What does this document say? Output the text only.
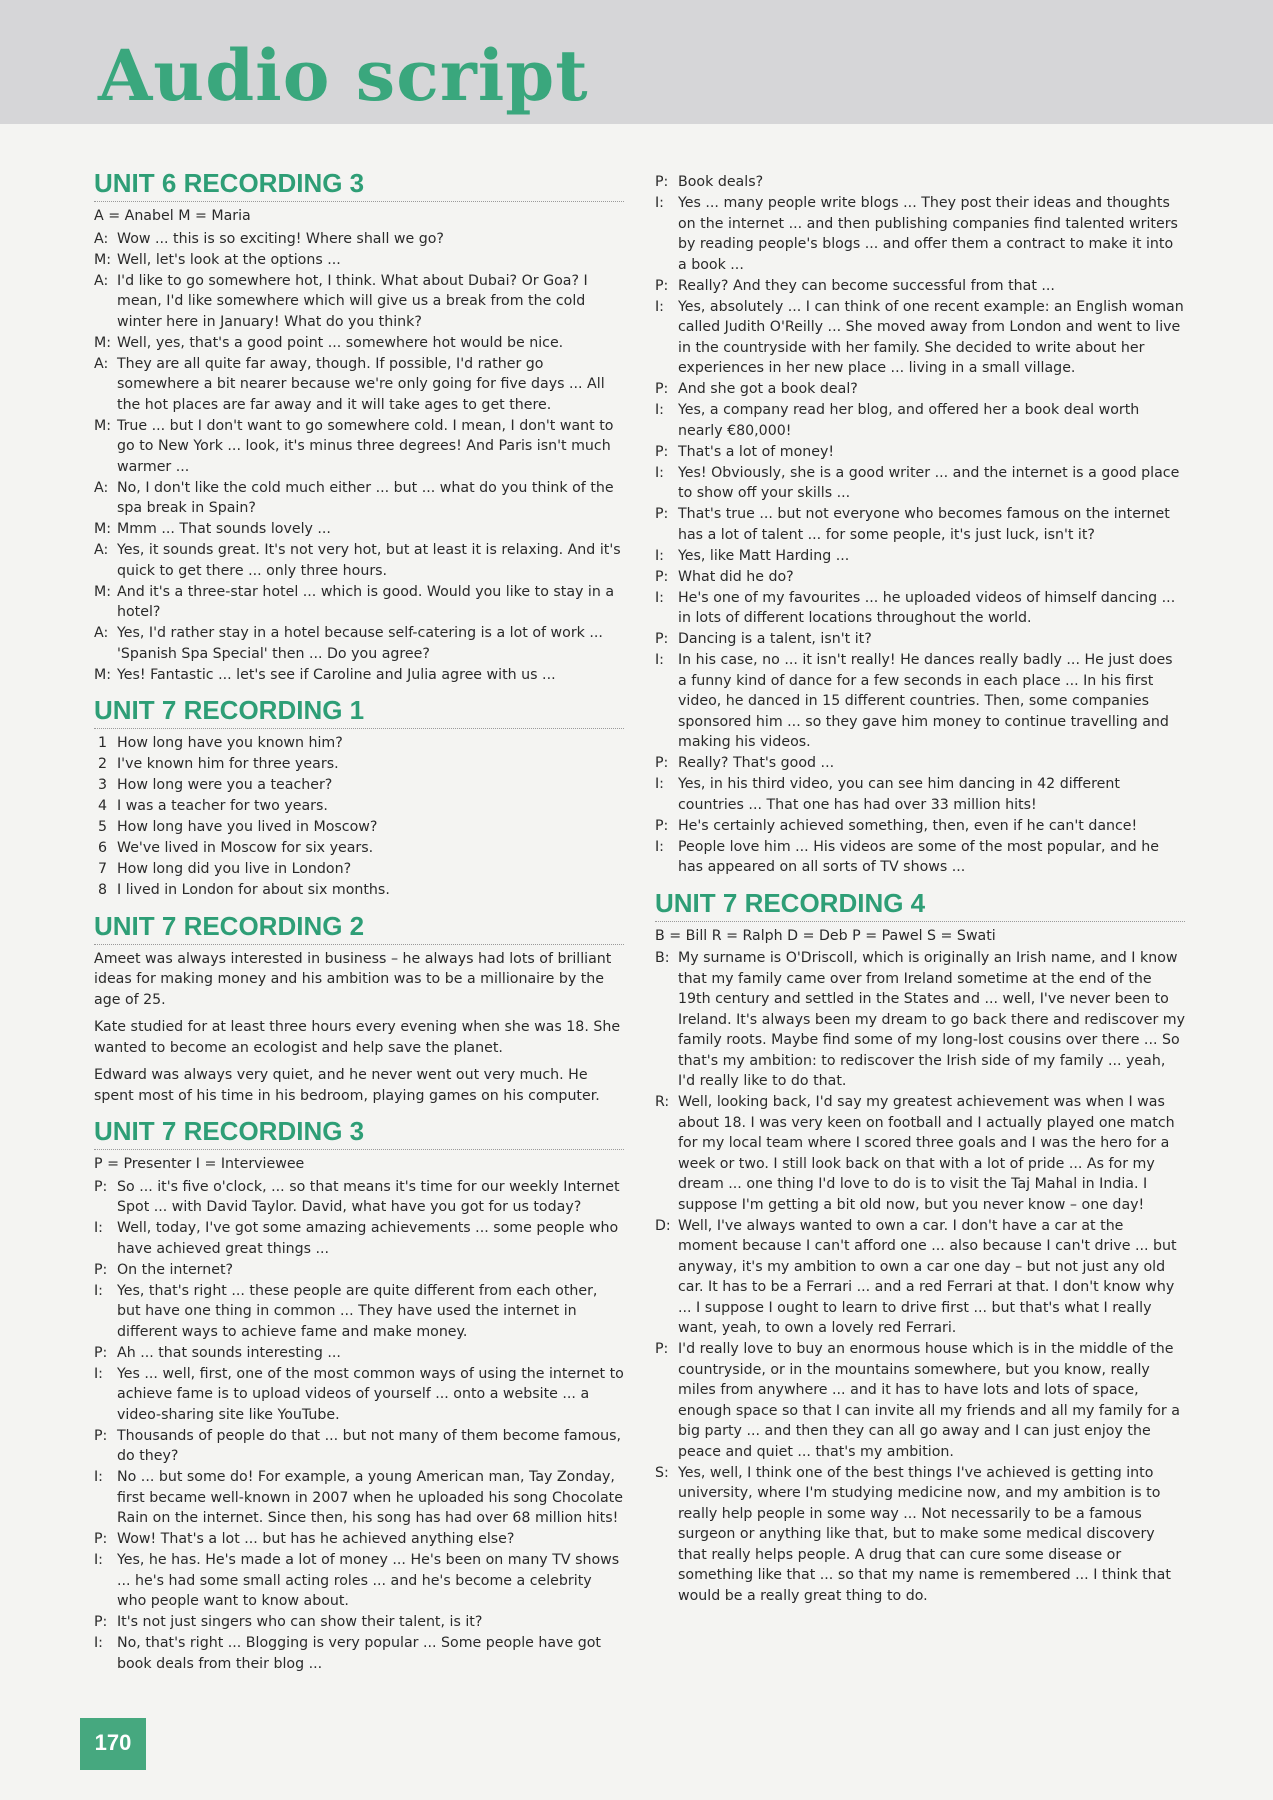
Audio script
UNIT 6 RECORDING 3
A = Anabel M = Maria
A: Wow ... this is so exciting! Where shall we go?
M: Well, let's look at the options ...
A: I'd like to go somewhere hot, I think. What about Dubai? Or Goa? I mean, I'd like somewhere which will give us a break from the cold winter here in January! What do you think?
M: Well, yes, that's a good point ... somewhere hot would be nice.
A: They are all quite far away, though. If possible, I'd rather go somewhere a bit nearer because we're only going for five days ... All the hot places are far away and it will take ages to get there.
M: True ... but I don't want to go somewhere cold. I mean, I don't want to go to New York ... look, it's minus three degrees! And Paris isn't much warmer ...
A: No, I don't like the cold much either ... but ... what do you think of the spa break in Spain?
M: Mmm ... That sounds lovely ...
A: Yes, it sounds great. It's not very hot, but at least it is relaxing. And it's quick to get there ... only three hours.
M: And it's a three-star hotel ... which is good. Would you like to stay in a hotel?
A: Yes, I'd rather stay in a hotel because self-catering is a lot of work ... 'Spanish Spa Special' then ... Do you agree?
M: Yes! Fantastic ... let's see if Caroline and Julia agree with us ...
UNIT 7 RECORDING 1
1 How long have you known him?
2 I've known him for three years.
3 How long were you a teacher?
4 I was a teacher for two years.
5 How long have you lived in Moscow?
6 We've lived in Moscow for six years.
7 How long did you live in London?
8 I lived in London for about six months.
UNIT 7 RECORDING 2

Ameet was always interested in business – he always had lots of brilliant ideas for making money and his ambition was to be a millionaire by the age of 25.

Kate studied for at least three hours every evening when she was 18. She wanted to become an ecologist and help save the planet.

Edward was always very quiet, and he never went out very much. He spent most of his time in his bedroom, playing games on his computer.

UNIT 7 RECORDING 3
P = Presenter I = Interviewee
P: So ... it's five o'clock, ... so that means it's time for our weekly Internet Spot ... with David Taylor. David, what have you got for us today?
I: Well, today, I've got some amazing achievements ... some people who have achieved great things ...
P: On the internet?
I: Yes, that's right ... these people are quite different from each other, but have one thing in common ... They have used the internet in different ways to achieve fame and make money.
P: Ah ... that sounds interesting ...
I: Yes ... well, first, one of the most common ways of using the internet to achieve fame is to upload videos of yourself ... onto a website ... a video-sharing site like YouTube.
P: Thousands of people do that ... but not many of them become famous, do they?
I: No ... but some do! For example, a young American man, Tay Zonday, first became well-known in 2007 when he uploaded his song Chocolate Rain on the internet. Since then, his song has had over 68 million hits!
P: Wow! That's a lot ... but has he achieved anything else?
I: Yes, he has. He's made a lot of money ... He's been on many TV shows ... he's had some small acting roles ... and he's become a celebrity who people want to know about.
P: It's not just singers who can show their talent, is it?
I: No, that's right ... Blogging is very popular ... Some people have got book deals from their blog ...
P: Book deals?
I: Yes ... many people write blogs ... They post their ideas and thoughts on the internet ... and then publishing companies find talented writers by reading people's blogs ... and offer them a contract to make it into a book ...
P: Really? And they can become successful from that ...
I: Yes, absolutely ... I can think of one recent example: an English woman called Judith O'Reilly ... She moved away from London and went to live in the countryside with her family. She decided to write about her experiences in her new place ... living in a small village.
P: And she got a book deal?
I: Yes, a company read her blog, and offered her a book deal worth nearly €80,000!
P: That's a lot of money!
I: Yes! Obviously, she is a good writer ... and the internet is a good place to show off your skills ...
P: That's true ... but not everyone who becomes famous on the internet has a lot of talent ... for some people, it's just luck, isn't it?
I: Yes, like Matt Harding ...
P: What did he do?
I: He's one of my favourites ... he uploaded videos of himself dancing ... in lots of different locations throughout the world.
P: Dancing is a talent, isn't it?
I: In his case, no ... it isn't really! He dances really badly ... He just does a funny kind of dance for a few seconds in each place ... In his first video, he danced in 15 different countries. Then, some companies sponsored him ... so they gave him money to continue travelling and making his videos.
P: Really? That's good ...
I: Yes, in his third video, you can see him dancing in 42 different countries ... That one has had over 33 million hits!
P: He's certainly achieved something, then, even if he can't dance!
I: People love him ... His videos are some of the most popular, and he has appeared on all sorts of TV shows ...
UNIT 7 RECORDING 4
B = Bill R = Ralph D = Deb P = Pawel S = Swati
B: My surname is O'Driscoll, which is originally an Irish name, and I know that my family came over from Ireland sometime at the end of the 19th century and settled in the States and ... well, I've never been to Ireland. It's always been my dream to go back there and rediscover my family roots. Maybe find some of my long-lost cousins over there ... So that's my ambition: to rediscover the Irish side of my family ... yeah, I'd really like to do that.
R: Well, looking back, I'd say my greatest achievement was when I was about 18. I was very keen on football and I actually played one match for my local team where I scored three goals and I was the hero for a week or two. I still look back on that with a lot of pride ... As for my dream ... one thing I'd love to do is to visit the Taj Mahal in India. I suppose I'm getting a bit old now, but you never know – one day!
D: Well, I've always wanted to own a car. I don't have a car at the moment because I can't afford one ... also because I can't drive ... but anyway, it's my ambition to own a car one day – but not just any old car. It has to be a Ferrari ... and a red Ferrari at that. I don't know why ... I suppose I ought to learn to drive first ... but that's what I really want, yeah, to own a lovely red Ferrari.
P: I'd really love to buy an enormous house which is in the middle of the countryside, or in the mountains somewhere, but you know, really miles from anywhere ... and it has to have lots and lots of space, enough space so that I can invite all my friends and all my family for a big party ... and then they can all go away and I can just enjoy the peace and quiet ... that's my ambition.
S: Yes, well, I think one of the best things I've achieved is getting into university, where I'm studying medicine now, and my ambition is to really help people in some way ... Not necessarily to be a famous surgeon or anything like that, but to make some medical discovery that really helps people. A drug that can cure some disease or something like that ... so that my name is remembered ... I think that would be a really great thing to do.
170
